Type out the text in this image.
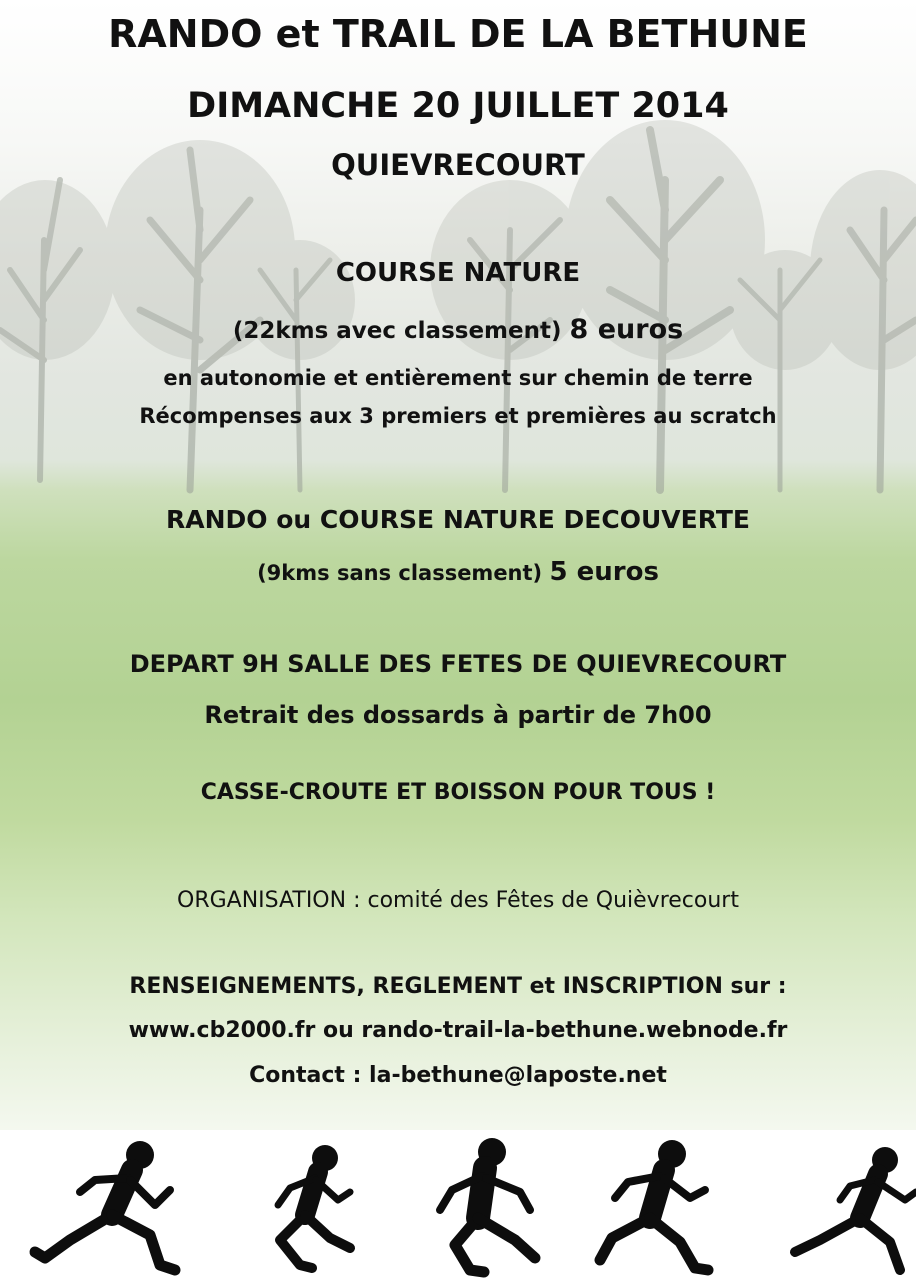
RANDO et TRAIL DE LA BETHUNE
DIMANCHE 20 JUILLET 2014
QUIEVRECOURT
COURSE NATURE
(22kms avec classement) 8 euros
en autonomie et entièrement sur chemin de terre
Récompenses aux 3 premiers et premières au scratch
RANDO ou COURSE NATURE DECOUVERTE
(9kms sans classement) 5 euros
DEPART 9H SALLE DES FETES DE QUIEVRECOURT
Retrait des dossards à partir de 7h00
CASSE-CROUTE ET BOISSON POUR TOUS !
ORGANISATION : comité des Fêtes de Quièvrecourt
RENSEIGNEMENTS, REGLEMENT et INSCRIPTION sur :
www.cb2000.fr ou rando-trail-la-bethune.webnode.fr
Contact : la-bethune@laposte.net
